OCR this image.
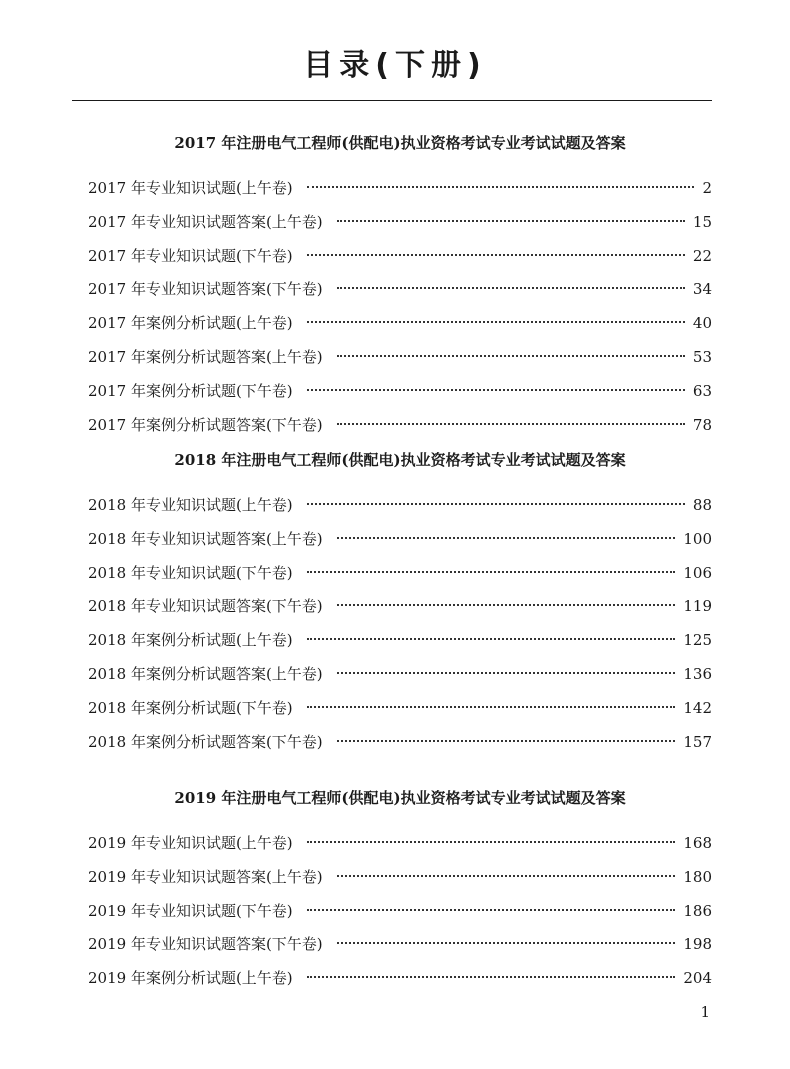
目录(下册)
2017 年注册电气工程师(供配电)执业资格考试专业考试试题及答案
2017 年专业知识试题(上午卷)	2
2017 年专业知识试题答案(上午卷)	15
2017 年专业知识试题(下午卷)	22
2017 年专业知识试题答案(下午卷)	34
2017 年案例分析试题(上午卷)	40
2017 年案例分析试题答案(上午卷)	53
2017 年案例分析试题(下午卷)	63
2017 年案例分析试题答案(下午卷)	78
2018 年注册电气工程师(供配电)执业资格考试专业考试试题及答案
2018 年专业知识试题(上午卷)	88
2018 年专业知识试题答案(上午卷)	100
2018 年专业知识试题(下午卷)	106
2018 年专业知识试题答案(下午卷)	119
2018 年案例分析试题(上午卷)	125
2018 年案例分析试题答案(上午卷)	136
2018 年案例分析试题(下午卷)	142
2018 年案例分析试题答案(下午卷)	157
2019 年注册电气工程师(供配电)执业资格考试专业考试试题及答案
2019 年专业知识试题(上午卷)	168
2019 年专业知识试题答案(上午卷)	180
2019 年专业知识试题(下午卷)	186
2019 年专业知识试题答案(下午卷)	198
2019 年案例分析试题(上午卷)	204
1
